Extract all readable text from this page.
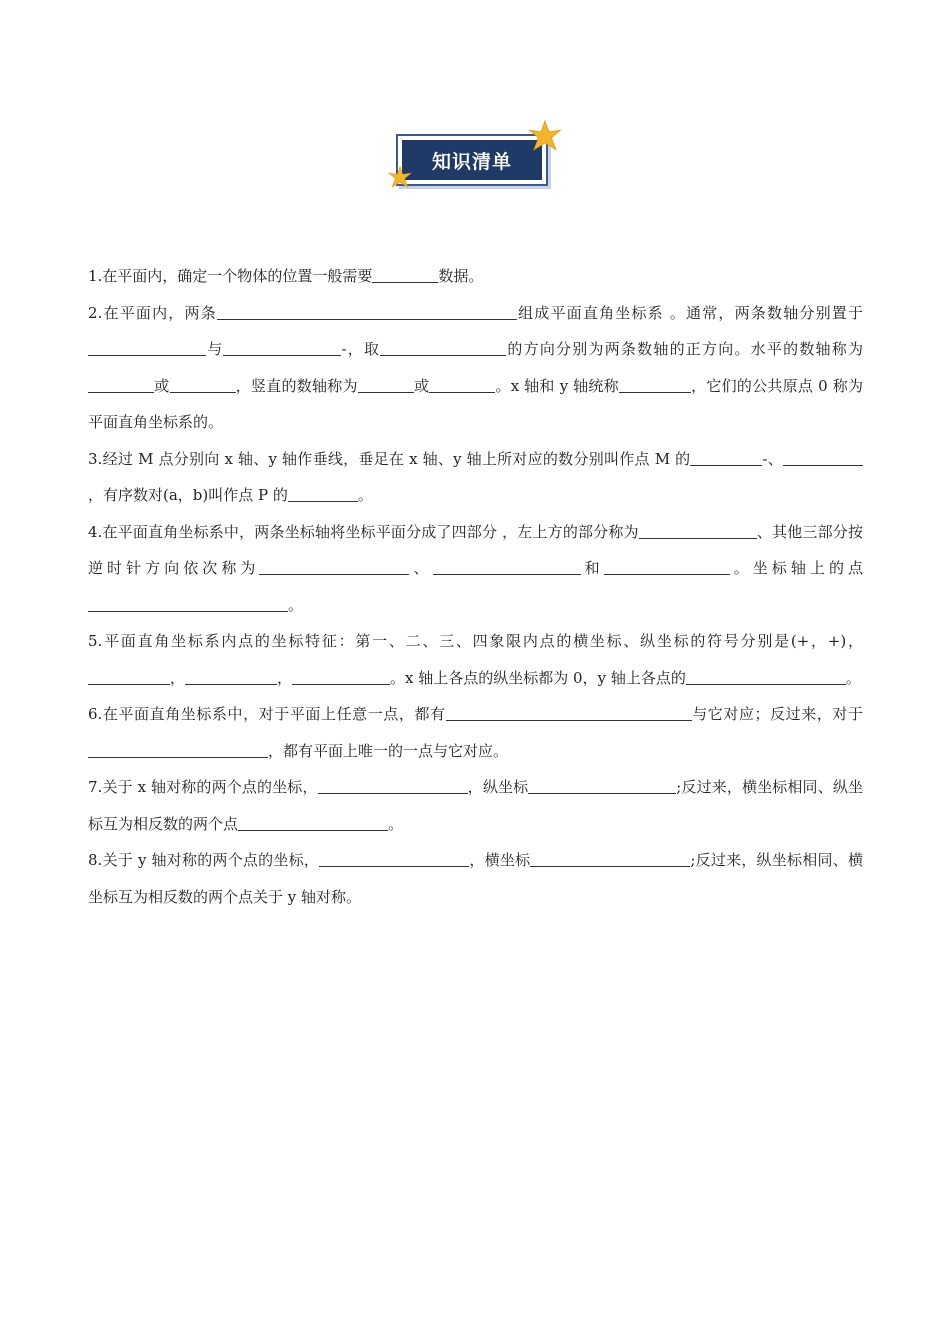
知识清单

1.在平面内，确定一个物体的位置一般需要	数据。

2.在平面内，两条	组成平面直角坐标系 。通常，两条数轴分别置于与	-，取	的方向分别为两条数轴的正方向。水平的数轴称为或	，竖直的数轴称为	或	。x 轴和 y 轴统称	，它们的公共原点 0 称为平面直角坐标系的。

3.经过 M 点分别向 x 轴、y 轴作垂线，垂足在 x 轴、y 轴上所对应的数分别叫作点 M 的	-、，有序数对(a，b)叫作点 P 的	。

4.在平面直角坐标系中，两条坐标轴将坐标平面分成了四部分 ，左上方的部分称为	、其他三部分按逆时针方向依次称为	、	和	。坐标轴上的点。

5.平面直角坐标系内点的坐标特征：第一、二、三、四象限内点的横坐标、纵坐标的符号分别是(+，+)，，	，	。x 轴上各点的纵坐标都为 0，y 轴上各点的	。

6.在平面直角坐标系中，对于平面上任意一点，都有	与它对应；反过来，对于，都有平面上唯一的一点与它对应。

7.关于 x 轴对称的两个点的坐标，	，纵坐标	;反过来，横坐标相同、纵坐标互为相反数的两个点	。

8.关于 y 轴对称的两个点的坐标，	，横坐标	;反过来，纵坐标相同、横坐标互为相反数的两个点关于 y 轴对称。
